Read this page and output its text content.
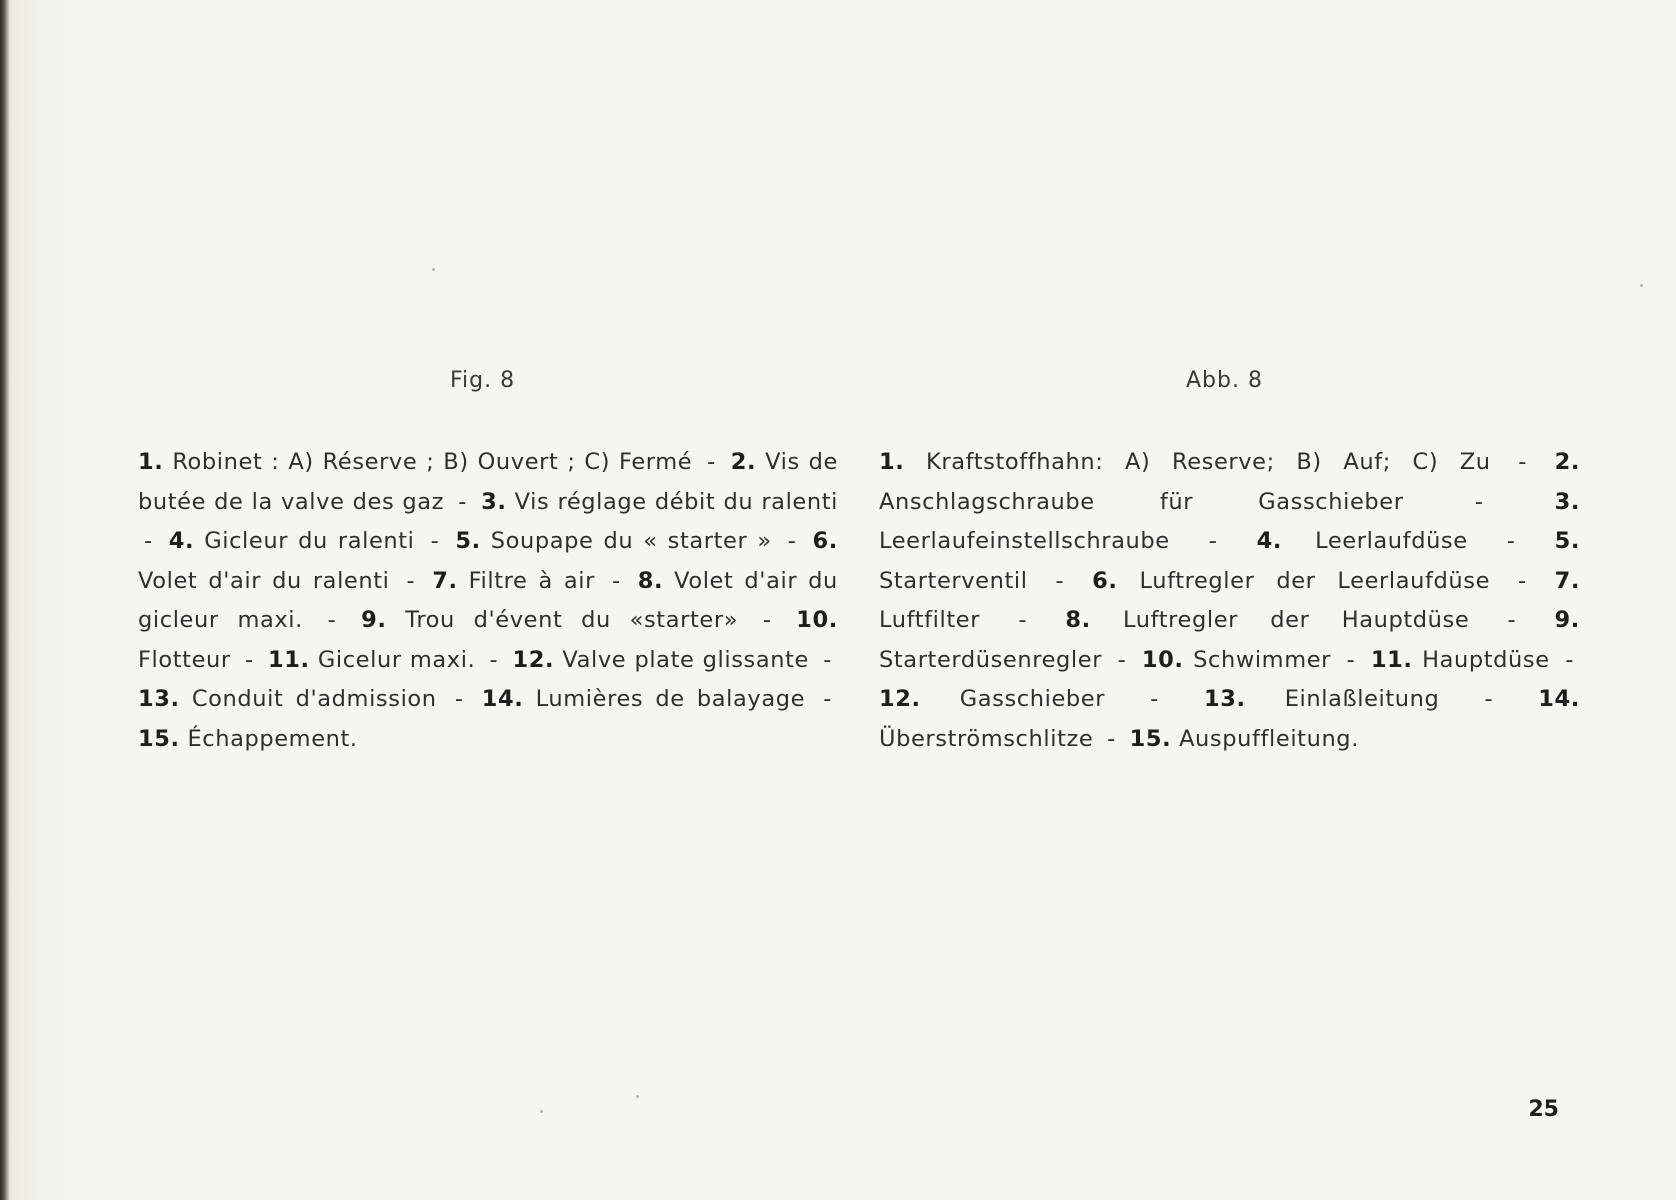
Fig. 8	Abb. 8
1. Robinet : A) Réserve ; B) Ouvert ; C) Fermé - 2. Vis de butée de la valve des gaz - 3. Vis réglage débit du ralenti - 4. Gicleur du ralenti - 5. Soupape du « starter » - 6. Volet d'air du ralenti - 7. Filtre à air - 8. Volet d'air du gicleur maxi. - 9. Trou d'évent du «starter» - 10. Flotteur - 11. Gicelur maxi. - 12. Valve plate glissante - 13. Conduit d'admission - 14. Lumières de balayage - 15. Échappement.
1. Kraftstoffhahn: A) Reserve; B) Auf; C) Zu - 2. Anschlagschraube für Gasschieber	-	3. Leerlaufeinstellschraube - 4. Leerlaufdüse - 5. Starterventil - 6. Luftregler der Leerlaufdüse - 7. Luftfilter - 8. Luftregler der Hauptdüse - 9. Starterdüsenregler - 10. Schwimmer - 11. Hauptdüse - 12. Gasschieber - 13. Einlaßleitung - 14. Überströmschlitze - 15. Auspuffleitung.
25
